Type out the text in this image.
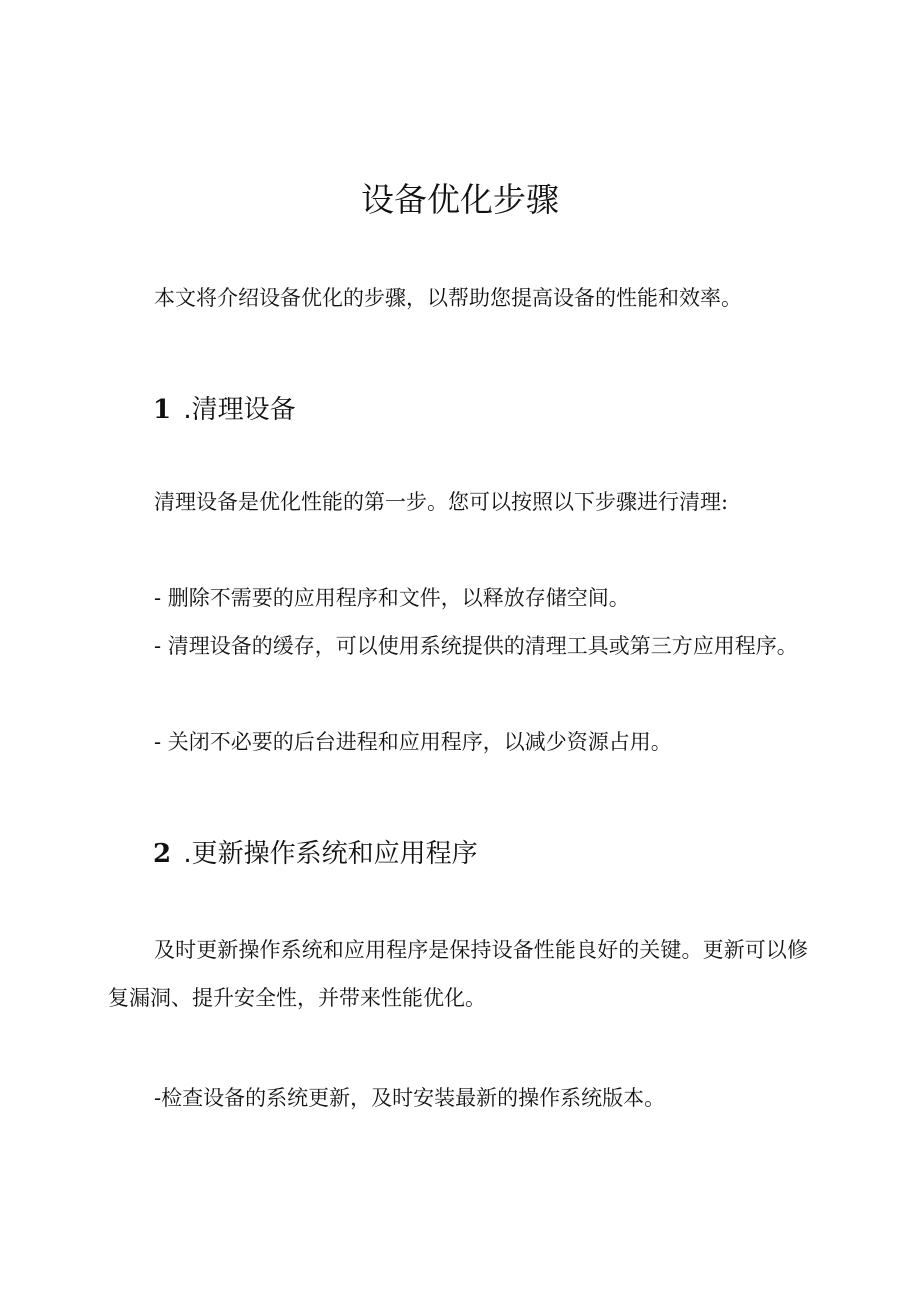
设备优化步骤

本文将介绍设备优化的步骤，以帮助您提高设备的性能和效率。

1 .清理设备

清理设备是优化性能的第一步。您可以按照以下步骤进行清理:

- 删除不需要的应用程序和文件，以释放存储空间。

- 清理设备的缓存，可以使用系统提供的清理工具或第三方应用程序。

- 关闭不必要的后台进程和应用程序，以减少资源占用。

2 .更新操作系统和应用程序

及时更新操作系统和应用程序是保持设备性能良好的关键。更新可以修复漏洞、提升安全性，并带来性能优化。

-检查设备的系统更新，及时安装最新的操作系统版本。
